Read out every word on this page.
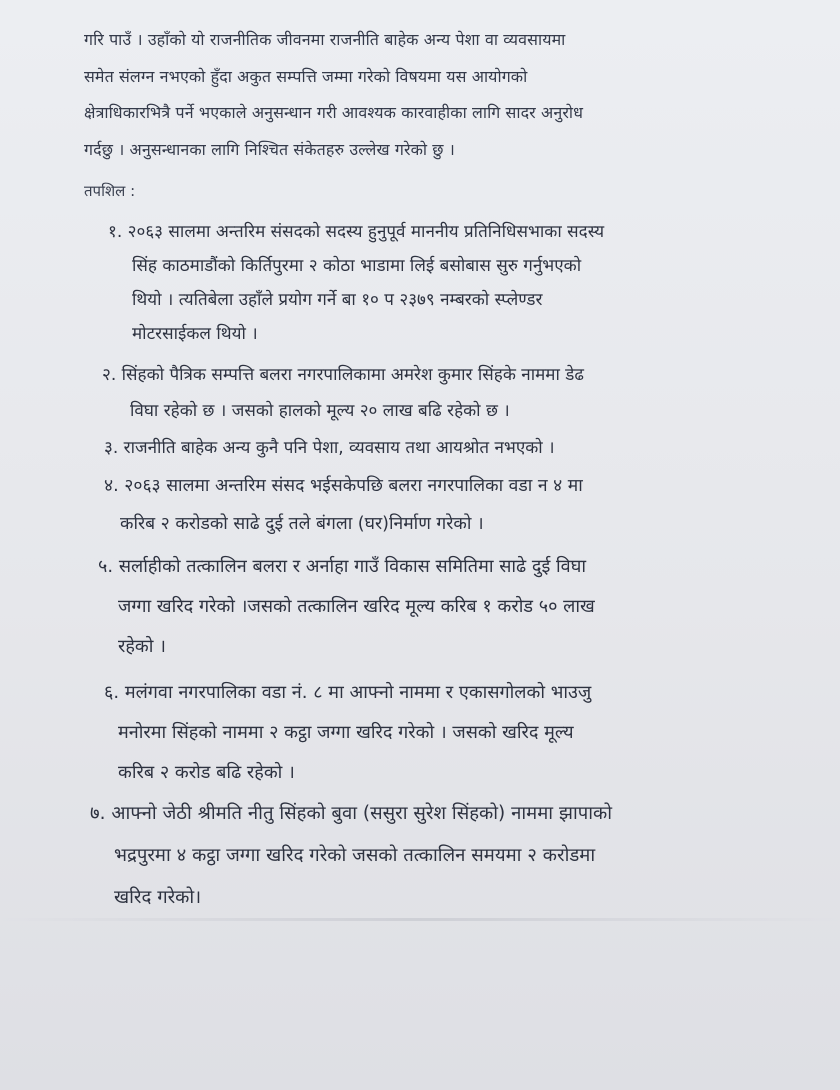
गरि पाउँ । उहाँको यो राजनीतिक जीवनमा राजनीति बाहेक अन्य पेशा वा व्यवसायमा
समेत संलग्न नभएको हुँदा अकुत सम्पत्ति जम्मा गरेको विषयमा यस आयोगको
क्षेत्राधिकारभित्रै पर्ने भएकाले अनुसन्धान गरी आवश्यक कारवाहीका लागि सादर अनुरोध
गर्दछु । अनुसन्धानका लागि निश्चित संकेतहरु उल्लेख गरेको छु ।

तपशिल :
१. २०६३ सालमा अन्तरिम संसदको सदस्य हुनुपूर्व माननीय प्रतिनिधिसभाका सदस्य
सिंह काठमाडौंको किर्तिपुरमा २ कोठा भाडामा लिई बसोबास सुरु गर्नुभएको
थियो । त्यतिबेला उहाँले प्रयोग गर्ने बा १० प २३७९ नम्बरको स्प्लेण्डर
मोटरसाईकल थियो ।
२. सिंहको पैत्रिक सम्पत्ति बलरा नगरपालिकामा अमरेश कुमार सिंहके नाममा डेढ
विघा रहेको छ । जसको हालको मूल्य २० लाख बढि रहेको छ ।
३. राजनीति बाहेक अन्य कुनै पनि पेशा, व्यवसाय तथा आयश्रोत नभएको ।
४. २०६३ सालमा अन्तरिम संसद भईसकेपछि बलरा नगरपालिका वडा न ४ मा
करिब २ करोडको साढे दुई तले बंगला (घर)निर्माण गरेको ।
५. सर्लाहीको तत्कालिन बलरा र अर्नाहा गाउँ विकास समितिमा साढे दुई विघा
जग्गा खरिद गरेको ।जसको तत्कालिन खरिद मूल्य करिब १ करोड ५० लाख
रहेको ।
६. मलंगवा नगरपालिका वडा नं. ८ मा आफ्नो नाममा र एकासगोलको भाउजु
मनोरमा सिंहको नाममा २ कट्ठा जग्गा खरिद गरेको । जसको खरिद मूल्य
करिब २ करोड बढि रहेको ।
७. आफ्नो जेठी श्रीमति नीतु सिंहको बुवा (ससुरा सुरेश सिंहको) नाममा झापाको
भद्रपुरमा ४ कट्ठा जग्गा खरिद गरेको जसको तत्कालिन समयमा २ करोडमा
खरिद गरेको।
